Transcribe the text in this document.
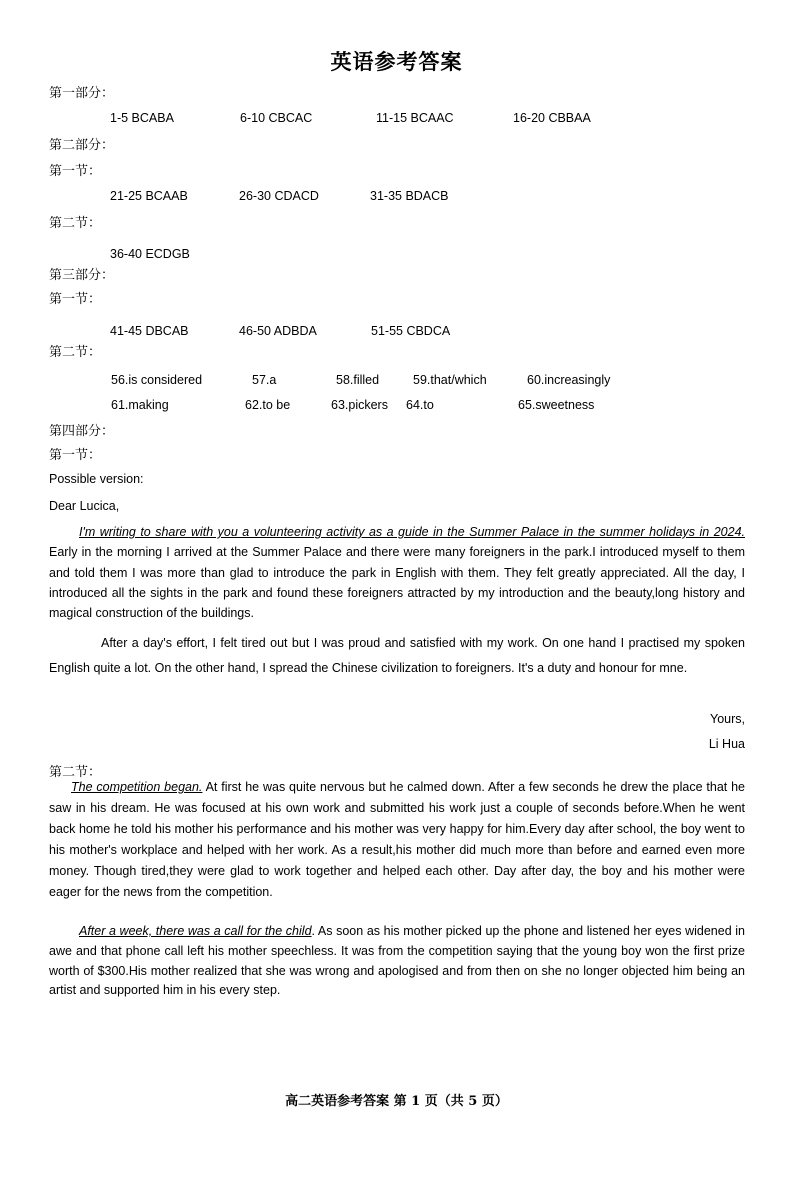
英语参考答案
第一部分：
1-5 BCABA	6-10 CBCAC	11-15 BCAAC	16-20 CBBAA
第二部分：
第一节：
21-25 BCAAB	26-30 CDACD	31-35 BDACB
第二节：
36-40 ECDGB
第三部分：
第一节：
41-45 DBCAB	46-50 ADBDA	51-55 CBDCA
第二节：
56.is considered	57.a	58.filled	59.that/which	60.increasingly
61.making	62.to be	63.pickers 64.to	65.sweetness
第四部分：
第一节：
Possible version:
Dear Lucica,
I'm writing to share with you a volunteering activity as a guide in the Summer Palace in the summer holidays in 2024. Early in the morning I arrived at the Summer Palace and there were many foreigners in the park.I introduced myself to them and told them I was more than glad to introduce the park in English with them. They felt greatly appreciated. All the day, I introduced all the sights in the park and found these foreigners attracted by my introduction and the beauty,long history and magical construction of the buildings.
After a day's effort, I felt tired out but I was proud and satisfied with my work. On one hand I practised my spoken English quite a lot. On the other hand, I spread the Chinese civilization to foreigners. It's a duty and honour for mne.
Yours,
Li Hua
第二节：
The competition began. At first he was quite nervous but he calmed down. After a few seconds he drew the place that he saw in his dream. He was focused at his own work and submitted his work just a couple of seconds before.When he went back home he told his mother his performance and his mother was very happy for him.Every day after school, the boy went to his mother's workplace and helped with her work. As a result,his mother did much more than before and earned even more money. Though tired,they were glad to work together and helped each other. Day after day, the boy and his mother were eager for the news from the competition.
After a week, there was a call for the child. As soon as his mother picked up the phone and listened her eyes widened in awe and that phone call left his mother speechless. It was from the competition saying that the young boy won the first prize worth of $300.His mother realized that she was wrong and apologised and from then on she no longer objected him being an artist and supported him in his every step.
高二英语参考答案 第 1 页（共 5 页）
